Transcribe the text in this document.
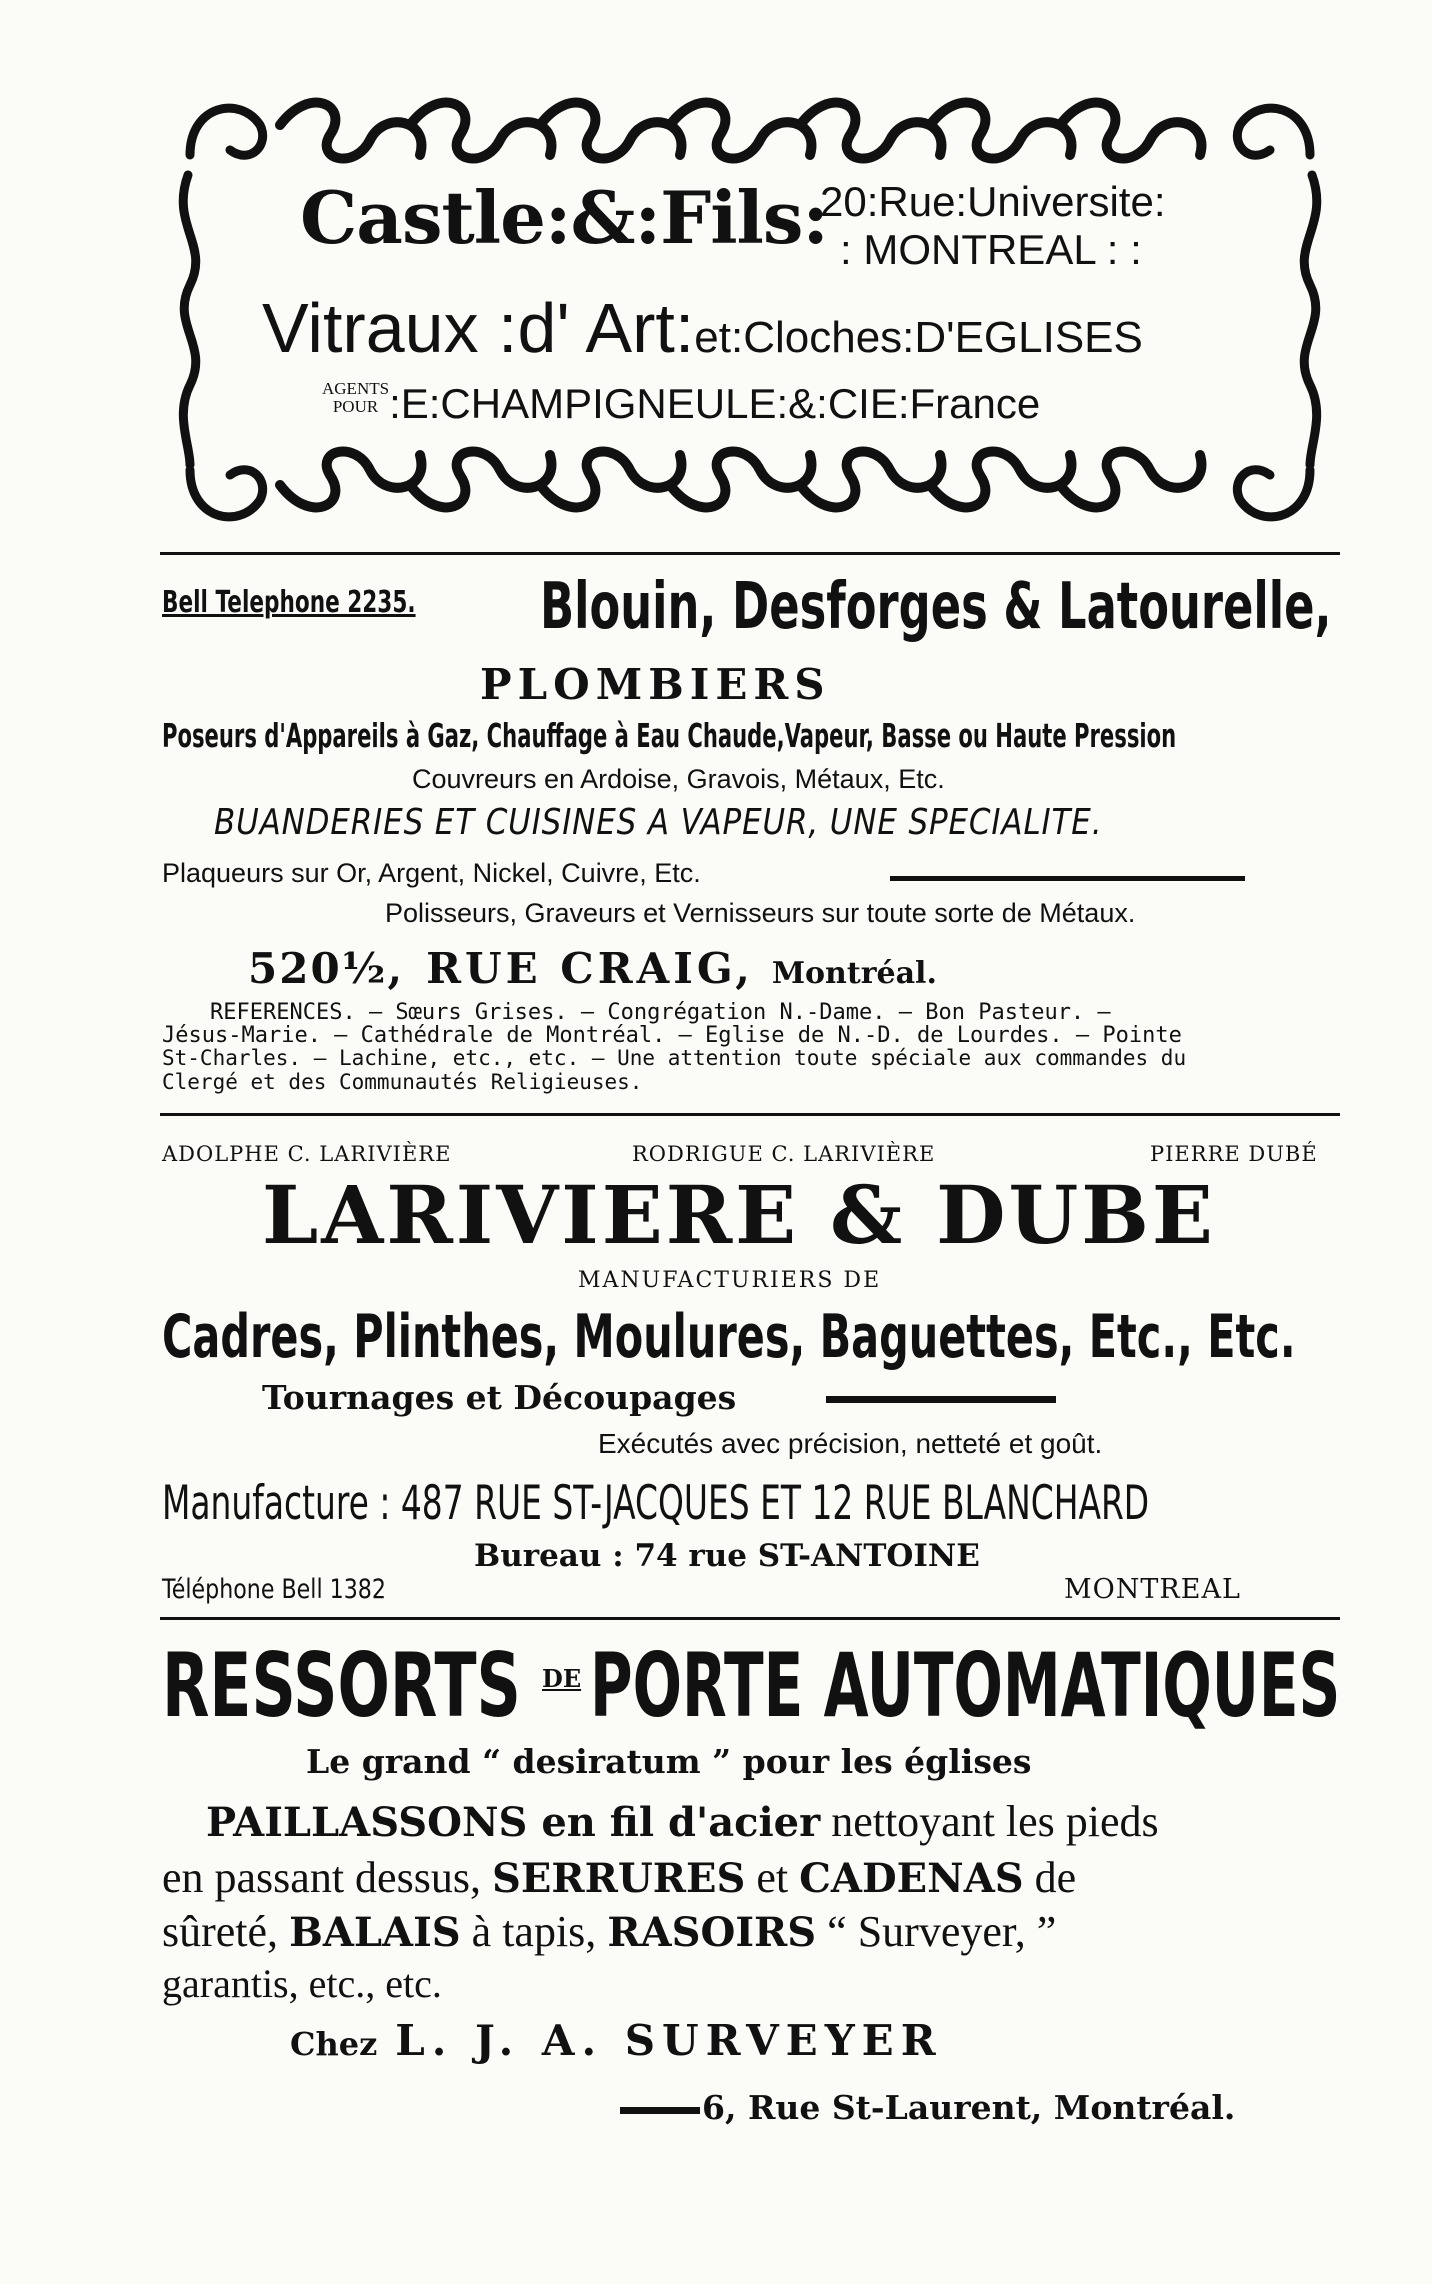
Castle:&:Fils:
20:Rue:Universite:
: MONTREAL : :
Vitraux :d' Art:et:Cloches:D'EGLISES
AGENTS
POUR :E:CHAMPIGNEULE:&:CIE:France
Bell Telephone 2235. Blouin, Desforges & Latourelle,
PLOMBIERS
Poseurs d'Appareils à Gaz, Chauffage à Eau Chaude,Vapeur, Basse ou Haute Pression
Couvreurs en Ardoise, Gravois, Métaux, Etc.
BUANDERIES ET CUISINES A VAPEUR, UNE SPECIALITE.
Plaqueurs sur Or, Argent, Nickel, Cuivre, Etc.
Polisseurs, Graveurs et Vernisseurs sur toute sorte de Métaux.
520½, RUE CRAIG, Montréal.
REFERENCES. — Sœurs Grises. — Congrégation N.-Dame. — Bon Pasteur. —
Jésus-Marie. — Cathédrale de Montréal. — Eglise de N.-D. de Lourdes. — Pointe
St-Charles. — Lachine, etc., etc. — Une attention toute spéciale aux commandes du
Clergé et des Communautés Religieuses.
ADOLPHE C. LARIVIÈRE	RODRIGUE C. LARIVIÈRE	PIERRE DUBÉ
LARIVIERE & DUBE
MANUFACTURIERS DE
Cadres, Plinthes, Moulures, Baguettes, Etc., Etc.
Tournages et Découpages
Exécutés avec précision, netteté et goût.
Manufacture : 487 RUE ST-JACQUES ET 12 RUE BLANCHARD
Bureau : 74 rue ST-ANTOINE
Téléphone Bell 1382	MONTREAL
RESSORTS DE PORTE AUTOMATIQUES
Le grand “ desiratum ” pour les églises
PAILLASSONS en fil d'acier nettoyant les pieds
en passant dessus, SERRURES et CADENAS de
sûreté, BALAIS à tapis, RASOIRS “ Surveyer, ”
garantis, etc., etc.
Chez L. J. A. SURVEYER
6, Rue St-Laurent, Montréal.
